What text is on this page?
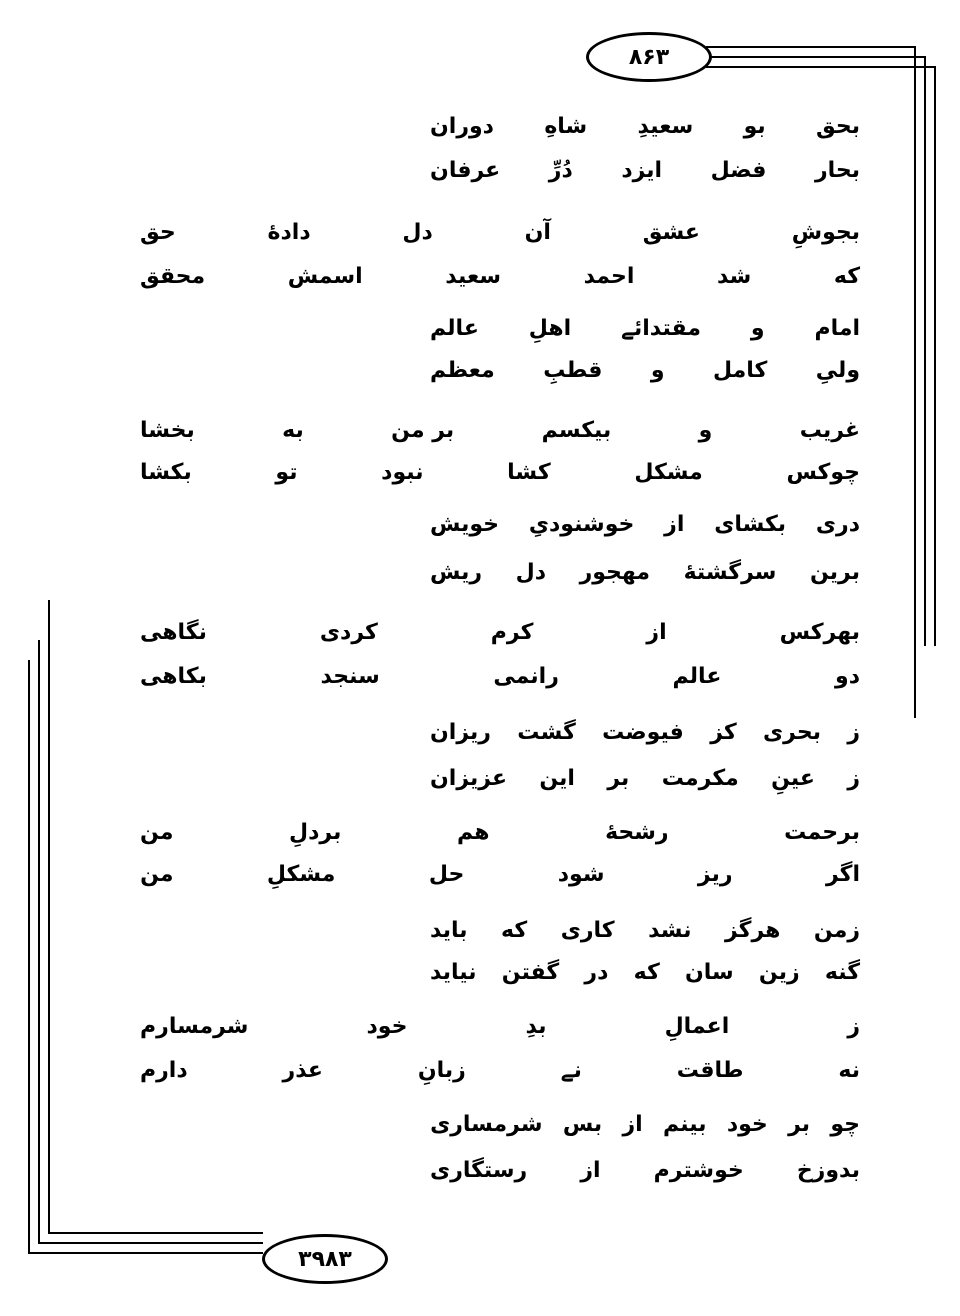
۸۶۳
۳۹۸۳
بحق
بو
سعیدِ
شاهِ
دوران
بحار
فضل
ایزد
دُرِّ
عرفان
بجوشِ
عشق
آن
دل
دادهٔ
حق
که
شد
احمد
سعید
اسمش
محقق
امام
و
مقتدائے
اهلِ
عالم
ولیِ
کامل
و
قطبِ
معظم
غریب
و
بیکسم
بر من
به
بخشا
چوکس
مشکل
کشا
نبود
تو
بکشا
دری
بکشای
از
خوشنودیِ
خویش
برین
سرگشتهٔ
مهجور
دل
ریش
بهرکس
از
کرم
کردی
نگاهی
دو
عالم
رانمی
سنجد
بکاهی
ز
بحری
کز
فیوضت
گشت
ریزان
ز
عینِ
مکرمت
بر
این
عزیزان
برحمت
رشحهٔ
هم
بردلِ
من
اگر
ریز
شود
حل
مشکلِ
من
زمن
هرگز
نشد
کاری
که
باید
گنه
زین
سان
که
در
گفتن
نیاید
ز
اعمالِ
بدِ
خود
شرمسارم
نه
طاقت
نے
زبانِ
عذر
دارم
چو
بر
خود
بینم
از
بس
شرمساری
بدوزخ
خوشترم
از
رستگاری
